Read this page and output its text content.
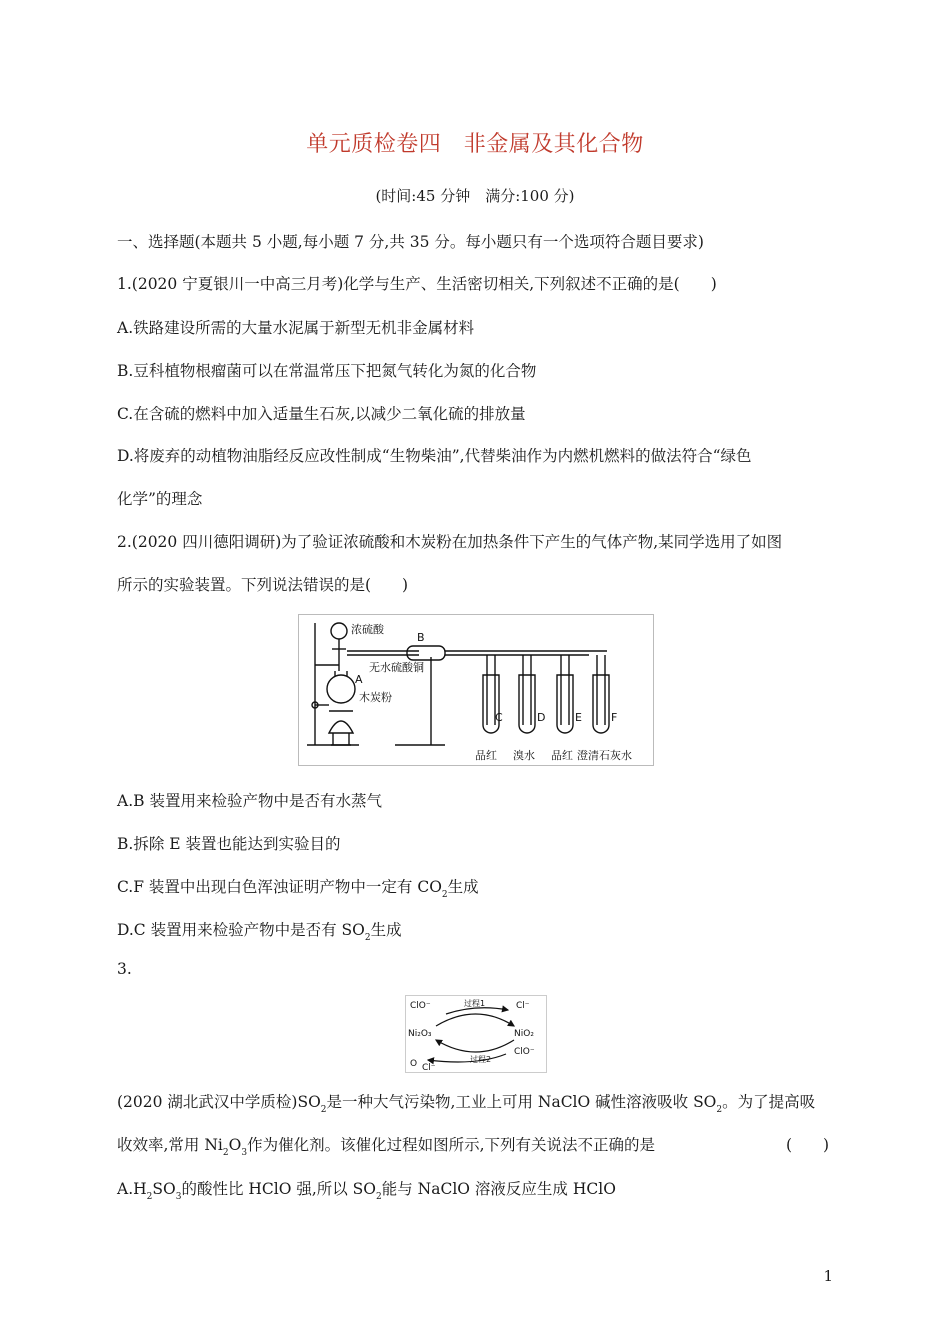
单元质检卷四　非金属及其化合物
(时间:45 分钟　满分:100 分)
一、选择题(本题共 5 小题,每小题 7 分,共 35 分。每小题只有一个选项符合题目要求)
1.(2020 宁夏银川一中高三月考)化学与生产、生活密切相关,下列叙述不正确的是(　　)
A.铁路建设所需的大量水泥属于新型无机非金属材料
B.豆科植物根瘤菌可以在常温常压下把氮气转化为氮的化合物
C.在含硫的燃料中加入适量生石灰,以减少二氧化硫的排放量
D.将废弃的动植物油脂经反应改性制成“生物柴油”,代替柴油作为内燃机燃料的做法符合“绿色
化学”的理念
2.(2020 四川德阳调研)为了验证浓硫酸和木炭粉在加热条件下产生的气体产物,某同学选用了如图
所示的实验装置。下列说法错误的是(　　)
浓硫酸
B
无水硫酸铜
A
木炭粉
C	D	E	F
品红 溴水 品红 澄清石灰水
A.B 装置用来检验产物中是否有水蒸气
B.拆除 E 装置也能达到实验目的
C.F 装置中出现白色浑浊证明产物中一定有 $CO_2$生成
D.C 装置用来检验产物中是否有 $SO_2$生成
3.
ClO⁻	过程1	Cl⁻
Ni₂O₃	NiO₂
O Cl⁻
过程2
ClO⁻
(2020 湖北武汉中学质检)$SO_2$是一种大气污染物,工业上可用 NaClO 碱性溶液吸收 $SO_2$。为了提高吸
收效率,常用 $Ni_2O_3$作为催化剂。该催化过程如图所示,下列有关说法不正确的是	(　　)
$A.H_2SO_3$的酸性比 HClO 强,所以 $SO_2$能与 NaClO 溶液反应生成 HClO
1
